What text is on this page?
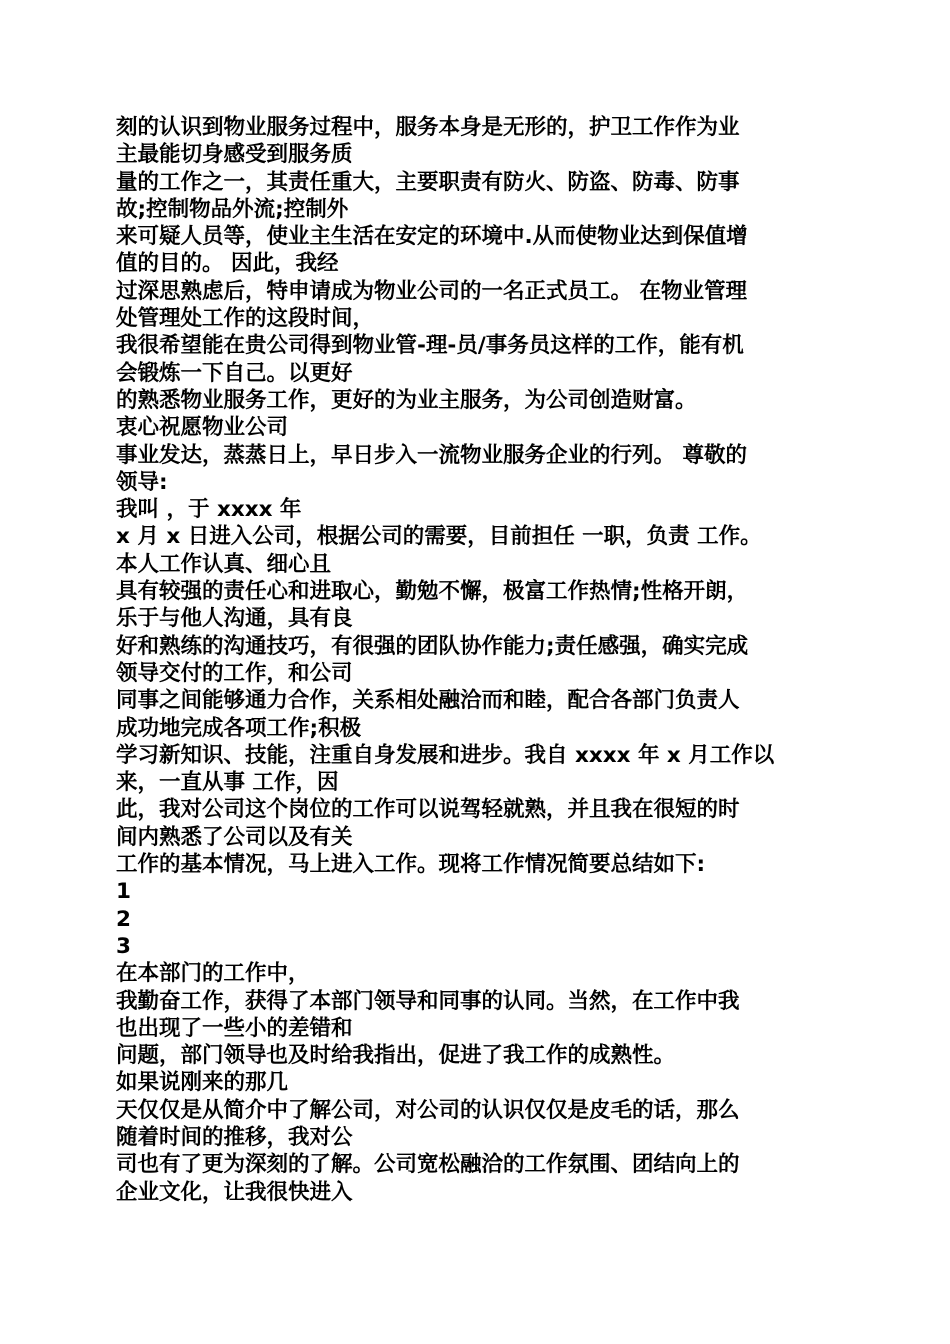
刻的认识到物业服务过程中，服务本身是无形的，护卫工作作为业
主最能切身感受到服务质
量的工作之一，其责任重大，主要职责有防火、防盗、防毒、防事
故;控制物品外流;控制外
来可疑人员等，使业主生活在安定的环境中.从而使物业达到保值增
值的目的。 因此，我经
过深思熟虑后，特申请成为物业公司的一名正式员工。 在物业管理
处管理处工作的这段时间，
我很希望能在贵公司得到物业管-理-员/事务员这样的工作，能有机
会锻炼一下自己。以更好
的熟悉物业服务工作，更好的为业主服务，为公司创造财富。
衷心祝愿物业公司
事业发达，蒸蒸日上，早日步入一流物业服务企业的行列。 尊敬的
领导:
我叫 ，于 xxxx 年
x 月 x 日进入公司，根据公司的需要，目前担任 一职，负责 工作。
本人工作认真、细心且
具有较强的责任心和进取心，勤勉不懈，极富工作热情;性格开朗，
乐于与他人沟通，具有良
好和熟练的沟通技巧，有很强的团队协作能力;责任感强，确实完成
领导交付的工作，和公司
同事之间能够通力合作，关系相处融洽而和睦，配合各部门负责人
成功地完成各项工作;积极
学习新知识、技能，注重自身发展和进步。我自 xxxx 年 x 月工作以
来，一直从事 工作，因
此，我对公司这个岗位的工作可以说驾轻就熟，并且我在很短的时
间内熟悉了公司以及有关
工作的基本情况，马上进入工作。现将工作情况简要总结如下:
1
2
3
在本部门的工作中，
我勤奋工作，获得了本部门领导和同事的认同。当然，在工作中我
也出现了一些小的差错和
问题，部门领导也及时给我指出，促进了我工作的成熟性。
如果说刚来的那几
天仅仅是从简介中了解公司，对公司的认识仅仅是皮毛的话，那么
随着时间的推移，我对公
司也有了更为深刻的了解。公司宽松融洽的工作氛围、团结向上的
企业文化，让我很快进入
